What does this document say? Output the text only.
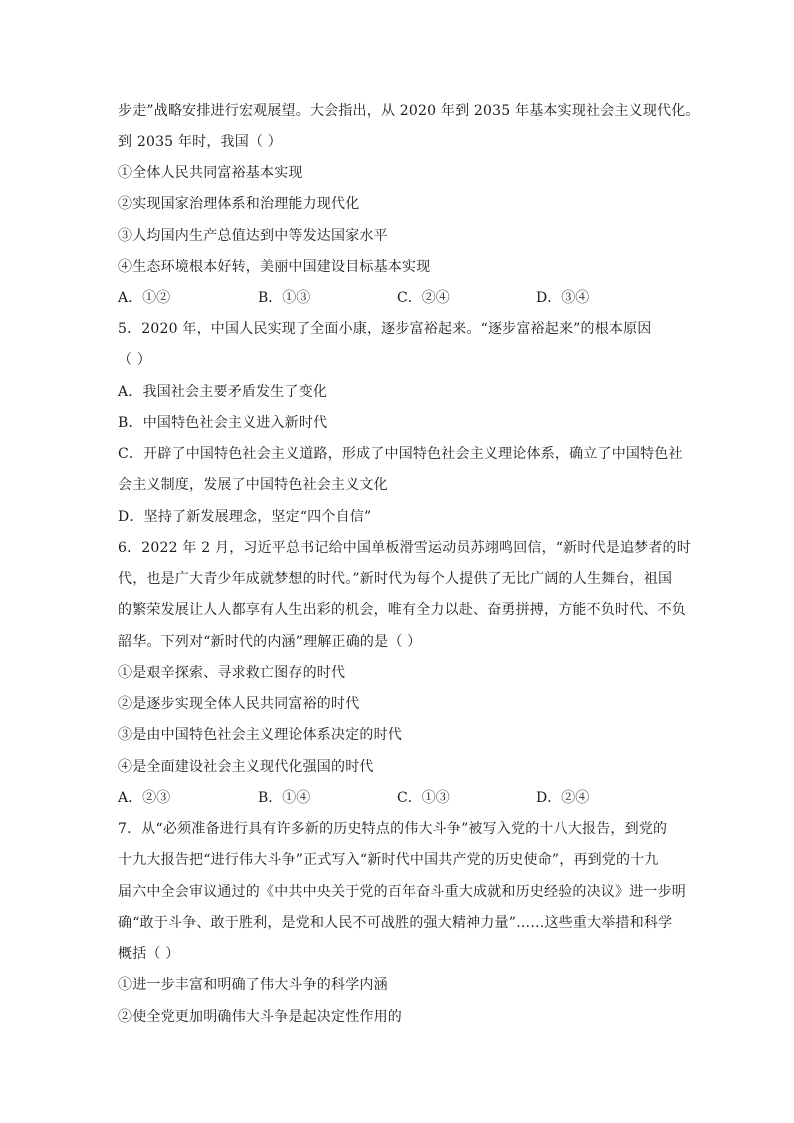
步走”战略安排进行宏观展望。大会指出，从 2020 年到 2035 年基本实现社会主义现代化。
到 2035 年时，我国（ ）
①全体人民共同富裕基本实现
②实现国家治理体系和治理能力现代化
③人均国内生产总值达到中等发达国家水平
④生态环境根本好转，美丽中国建设目标基本实现
A．①②	B．①③	C．②④	D．③④
5．2020 年，中国人民实现了全面小康，逐步富裕起来。“逐步富裕起来”的根本原因
（ ）
A．我国社会主要矛盾发生了变化
B．中国特色社会主义进入新时代
C．开辟了中国特色社会主义道路，形成了中国特色社会主义理论体系，确立了中国特色社
会主义制度，发展了中国特色社会主义文化
D．坚持了新发展理念，坚定“四个自信”
6．2022 年 2 月，习近平总书记给中国单板滑雪运动员苏翊鸣回信，“新时代是追梦者的时
代，也是广大青少年成就梦想的时代。”新时代为每个人提供了无比广阔的人生舞台，祖国
的繁荣发展让人人都享有人生出彩的机会，唯有全力以赴、奋勇拼搏，方能不负时代、不负
韶华。下列对“新时代的内涵”理解正确的是（ ）
①是艰辛探索、寻求救亡图存的时代
②是逐步实现全体人民共同富裕的时代
③是由中国特色社会主义理论体系决定的时代
④是全面建设社会主义现代化强国的时代
A．②③	B．①④	C．①③	D．②④
7．从“必须准备进行具有许多新的历史特点的伟大斗争”被写入党的十八大报告，到党的
十九大报告把“进行伟大斗争”正式写入“新时代中国共产党的历史使命”，再到党的十九
届六中全会审议通过的《中共中央关于党的百年奋斗重大成就和历史经验的决议》进一步明
确“敢于斗争、敢于胜利，是党和人民不可战胜的强大精神力量”……这些重大举措和科学
概括（ ）
①进一步丰富和明确了伟大斗争的科学内涵
②使全党更加明确伟大斗争是起决定性作用的
